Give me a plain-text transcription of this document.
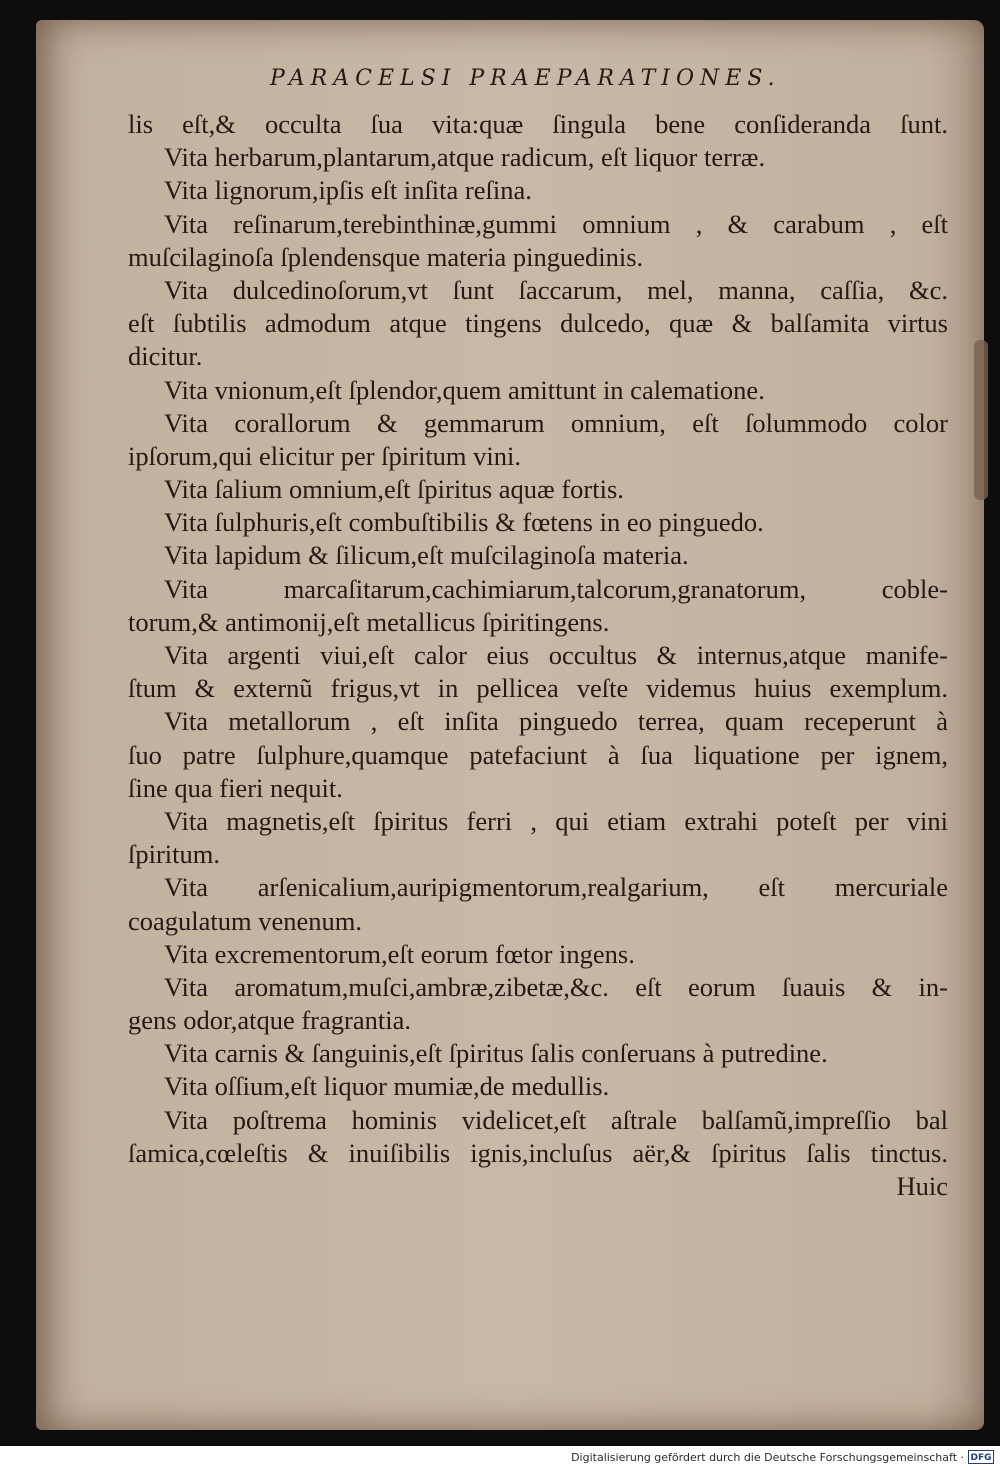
PARACELSI PRAEPARATIONES.
lis eſt,& occulta ſua vita:quæ ſingula bene conſideranda ſunt.
Vita herbarum,plantarum,atque radicum, eſt liquor terræ.
Vita lignorum,ipſis eſt inſita reſina.
Vita reſinarum,terebinthinæ,gummi omnium , & carabum , eſt
muſcilaginoſa ſplendensque materia pinguedinis.
Vita dulcedinoſorum,vt ſunt ſaccarum, mel, manna, caſſia, &c.
eſt ſubtilis admodum atque tingens dulcedo, quæ & balſamita virtus
dicitur.
Vita vnionum,eſt ſplendor,quem amittunt in calematione.
Vita corallorum & gemmarum omnium, eſt ſolummodo color
ipſorum,qui elicitur per ſpiritum vini.
Vita ſalium omnium,eſt ſpiritus aquæ fortis.
Vita ſulphuris,eſt combuſtibilis & fœtens in eo pinguedo.
Vita lapidum & ſilicum,eſt muſcilaginoſa materia.
Vita marcaſitarum,cachimiarum,talcorum,granatorum, coble-
torum,& antimonij,eſt metallicus ſpiritingens.
Vita argenti viui,eſt calor eius occultus & internus,atque manife-
ſtum & externũ frigus,vt in pellicea veſte videmus huius exemplum.
Vita metallorum , eſt inſita pinguedo terrea, quam receperunt à
ſuo patre ſulphure,quamque patefaciunt à ſua liquatione per ignem,
ſine qua fieri nequit.
Vita magnetis,eſt ſpiritus ferri , qui etiam extrahi poteſt per vini
ſpiritum.
Vita arſenicalium,auripigmentorum,realgarium, eſt mercuriale
coagulatum venenum.
Vita excrementorum,eſt eorum fœtor ingens.
Vita aromatum,muſci,ambræ,zibetæ,&c. eſt eorum ſuauis & in-
gens odor,atque fragrantia.
Vita carnis & ſanguinis,eſt ſpiritus ſalis conſeruans à putredine.
Vita oſſium,eſt liquor mumiæ,de medullis.
Vita poſtrema hominis videlicet,eſt aſtrale balſamũ,impreſſio bal
ſamica,cœleſtis & inuiſibilis ignis,incluſus aër,& ſpiritus ſalis tinctus.
Huic
Digitalisierung gefördert durch die Deutsche Forschungsgemeinschaft · DFG
